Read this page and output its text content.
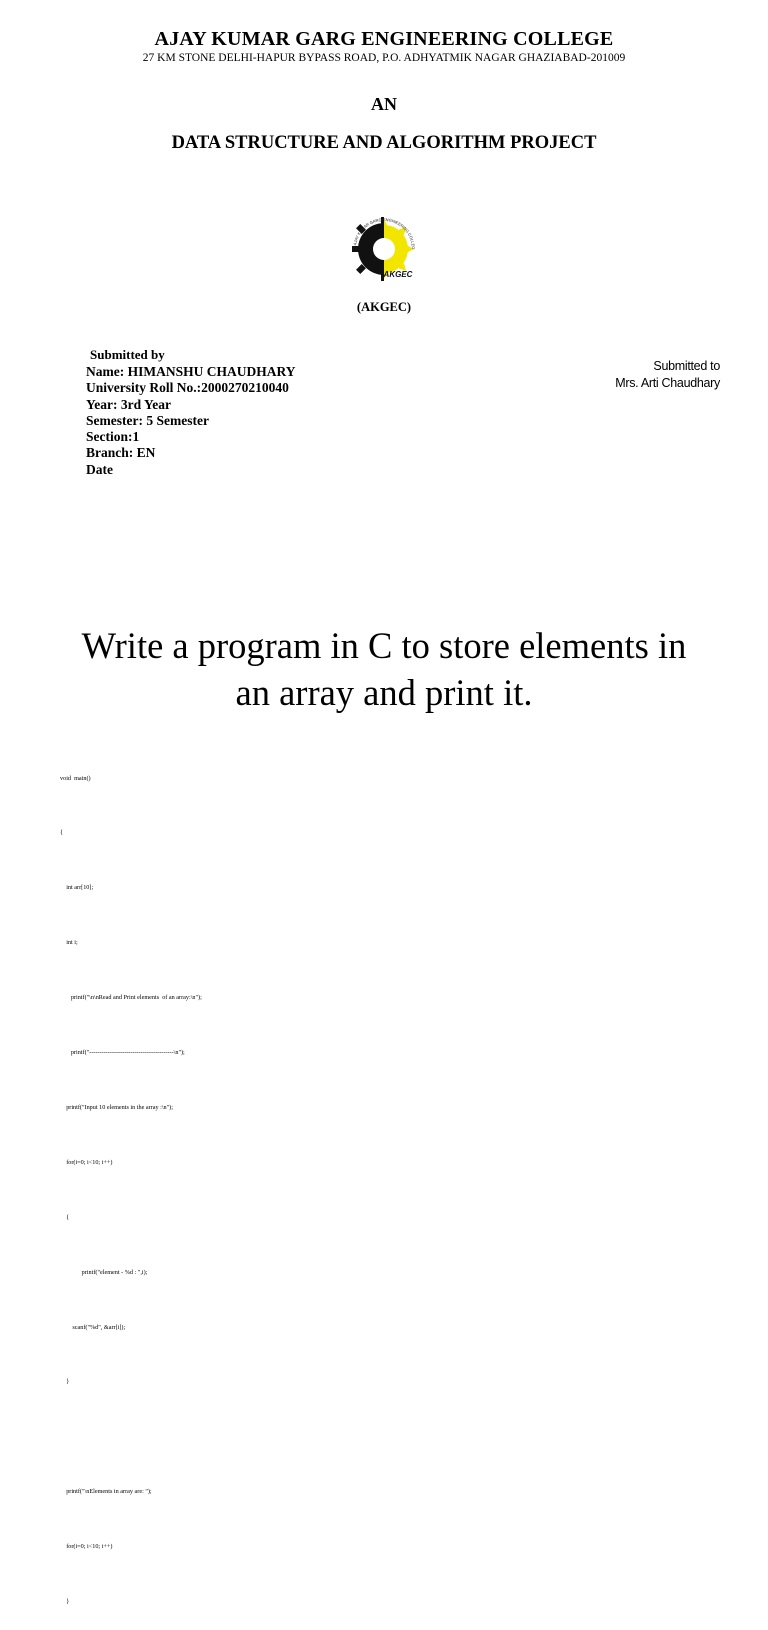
AJAY KUMAR GARG ENGINEERING COLLEGE
27 KM STONE DELHI-HAPUR BYPASS ROAD, P.O. ADHYATMIK NAGAR GHAZIABAD-201009
AN
DATA STRUCTURE AND ALGORITHM PROJECT
AKGEC
AJAY KUMAR GARG ENGINEERING COLLEG
(AKGEC)
Submitted by
Name: HIMANSHU CHAUDHARY
University Roll No.:2000270210040
Year: 3rd Year
Semester: 5 Semester
Section:1
Branch: EN
Date
Submitted to
Mrs. Arti Chaudhary
Write a program in C to store elements in
an array and print it.

void  main()

{

int arr[10];

int i;

printf("\n\nRead and Print elements  of an array:\n");

printf("-----------------------------------------\n");

printf("Input 10 elements in the array :\n");

for(i=0; i<10; i++)

{

printf("element - %d : ",i);

scanf("%d", &arr[i]);

}

printf("\nElements in array are: ");

for(i=0; i<10; i++)

}
